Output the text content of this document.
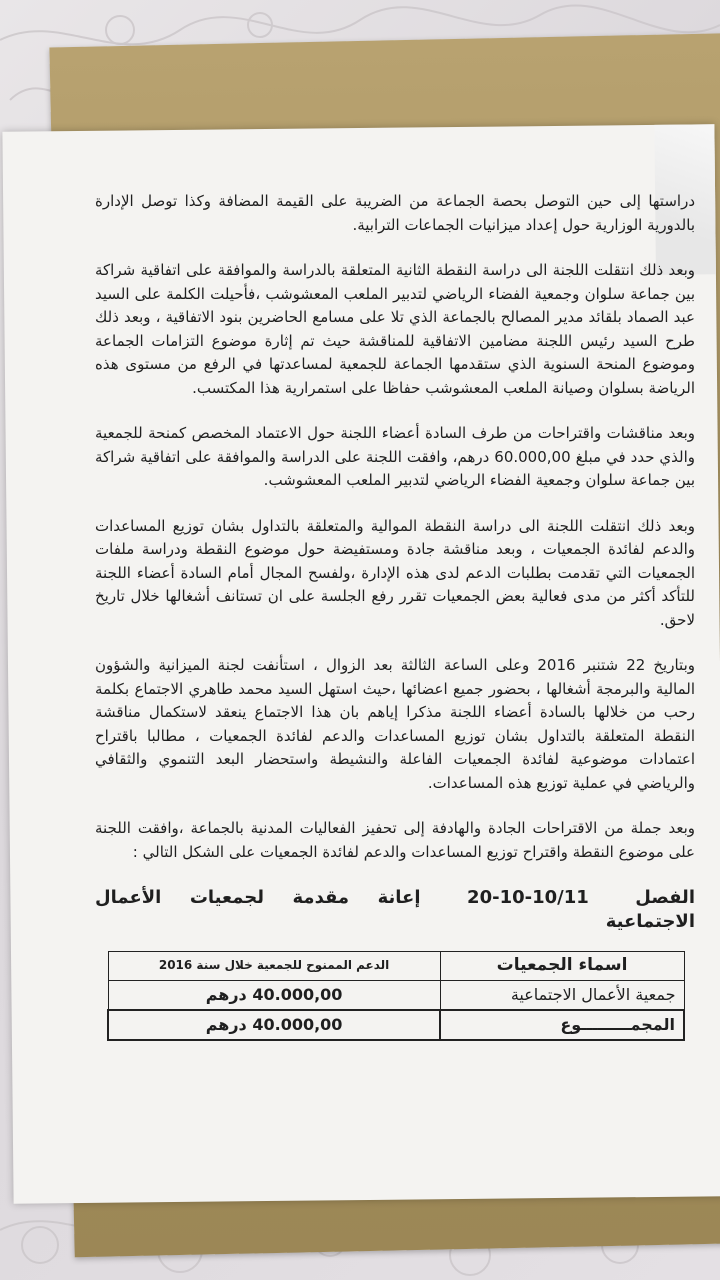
دراستها إلى حين التوصل بحصة الجماعة من الضريبة على القيمة المضافة وكذا توصل الإدارة بالدورية الوزارية حول إعداد ميزانيات الجماعات الترابية.

وبعد ذلك انتقلت اللجنة الى دراسة النقطة الثانية المتعلقة بالدراسة والموافقة على اتفاقية شراكة بين جماعة سلوان وجمعية الفضاء الرياضي لتدبير الملعب المعشوشب ،فأحيلت الكلمة على السيد عبد الصماد بلقائد مدير المصالح بالجماعة الذي تلا على مسامع الحاضرين بنود الاتفاقية ، وبعد ذلك طرح السيد رئيس اللجنة مضامين الاتفاقية للمناقشة حيث تم إثارة موضوع التزامات الجماعة وموضوع المنحة السنوية الذي ستقدمها الجماعة للجمعية لمساعدتها في الرفع من مستوى هذه الرياضة بسلوان وصيانة الملعب المعشوشب حفاظا على استمرارية هذا المكتسب.

وبعد مناقشات واقتراحات من طرف السادة أعضاء اللجنة حول الاعتماد المخصص كمنحة للجمعية والذي حدد في مبلغ 60.000,00 درهم، وافقت اللجنة على الدراسة والموافقة على اتفاقية شراكة بين جماعة سلوان وجمعية الفضاء الرياضي لتدبير الملعب المعشوشب.

وبعد ذلك انتقلت اللجنة الى دراسة النقطة الموالية والمتعلقة بالتداول بشان توزيع المساعدات والدعم لفائدة الجمعيات ، وبعد مناقشة جادة ومستفيضة حول موضوع النقطة ودراسة ملفات الجمعيات التي تقدمت بطلبات الدعم لدى هذه الإدارة ،ولفسح المجال أمام السادة أعضاء اللجنة للتأكد أكثر من مدى فعالية بعض الجمعيات تقرر رفع الجلسة على ان تستانف أشغالها خلال تاريخ لاحق.

وبتاريخ 22 شتنبر 2016 وعلى الساعة الثالثة بعد الزوال ، استأنفت لجنة الميزانية والشؤون المالية والبرمجة أشغالها ، بحضور جميع اعضائها ،حيث استهل السيد محمد طاهري الاجتماع بكلمة رحب من خلالها بالسادة أعضاء اللجنة مذكرا إياهم بان هذا الاجتماع ينعقد لاستكمال مناقشة النقطة المتعلقة بالتداول بشان توزيع المساعدات والدعم لفائدة الجمعيات ، مطالبا باقتراح اعتمادات موضوعية لفائدة الجمعيات الفاعلة والنشيطة واستحضار البعد التنموي والثقافي والرياضي في عملية توزيع هذه المساعدات.

وبعد جملة من الاقتراحات الجادة والهادفة إلى تحفيز الفعاليات المدنية بالجماعة ،وافقت اللجنة على موضوع النقطة واقتراح توزيع المساعدات والدعم لفائدة الجمعيات على الشكل التالي :

الفصل 20-10-10/11 إعانة مقدمة لجمعيات الأعمال الاجتماعية
اسماء الجمعيات	الدعم الممنوح للجمعية خلال سنة 2016
جمعية الأعمال الاجتماعية	40.000,00 درهم
المجمـــــــــوع	40.000,00 درهم
